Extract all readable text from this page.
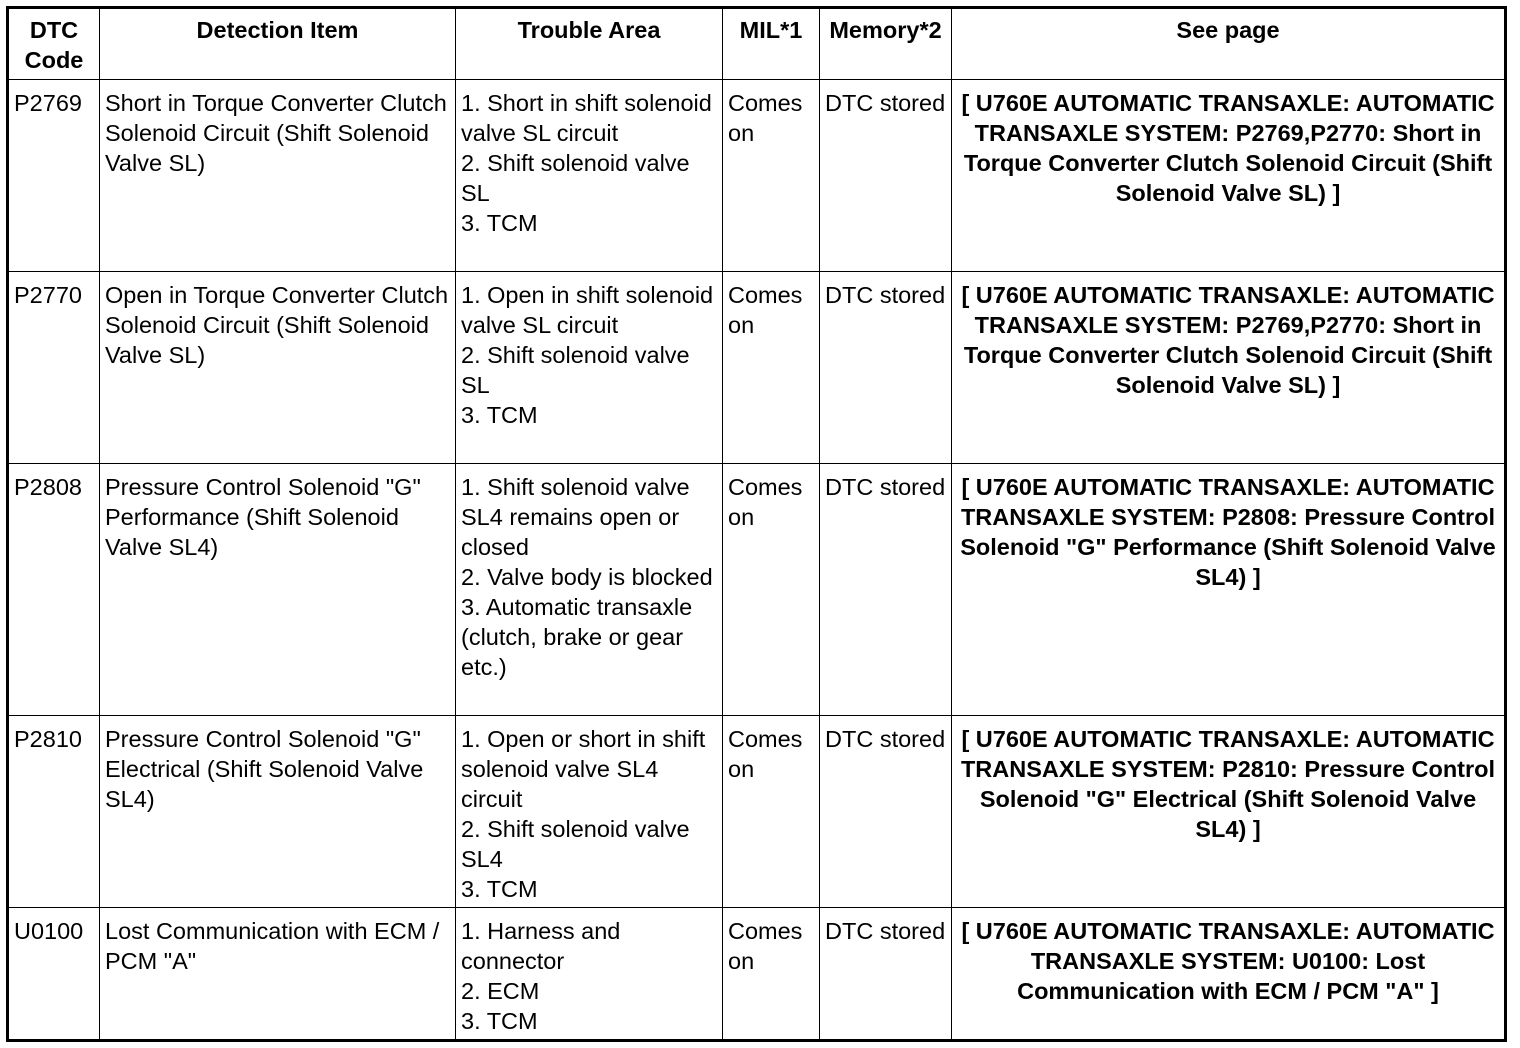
DTC Code	Detection Item	Trouble Area	MIL*1	Memory*2	See page
P2769	Short in Torque Converter Clutch Solenoid Circuit (Shift Solenoid Valve SL)	1. Short in shift solenoid valve SL circuit
2. Shift solenoid valve SL
3. TCM	Comes on	DTC stored	[ U760E AUTOMATIC TRANSAXLE: AUTOMATIC TRANSAXLE SYSTEM: P2769,P2770: Short in Torque Converter Clutch Solenoid Circuit (Shift Solenoid Valve SL) ]
P2770	Open in Torque Converter Clutch Solenoid Circuit (Shift Solenoid Valve SL)	1. Open in shift solenoid valve SL circuit
2. Shift solenoid valve SL
3. TCM	Comes on	DTC stored	[ U760E AUTOMATIC TRANSAXLE: AUTOMATIC TRANSAXLE SYSTEM: P2769,P2770: Short in Torque Converter Clutch Solenoid Circuit (Shift Solenoid Valve SL) ]
P2808	Pressure Control Solenoid "G" Performance (Shift Solenoid Valve SL4)	1. Shift solenoid valve SL4 remains open or closed
2. Valve body is blocked
3. Automatic transaxle (clutch, brake or gear etc.)	Comes on	DTC stored	[ U760E AUTOMATIC TRANSAXLE: AUTOMATIC TRANSAXLE SYSTEM: P2808: Pressure Control Solenoid "G" Performance (Shift Solenoid Valve SL4) ]
P2810	Pressure Control Solenoid "G" Electrical (Shift Solenoid Valve SL4)	1. Open or short in shift solenoid valve SL4 circuit
2. Shift solenoid valve SL4
3. TCM	Comes on	DTC stored	[ U760E AUTOMATIC TRANSAXLE: AUTOMATIC TRANSAXLE SYSTEM: P2810: Pressure Control Solenoid "G" Electrical (Shift Solenoid Valve SL4) ]
U0100	Lost Communication with ECM / PCM "A"	1. Harness and connector
2. ECM
3. TCM	Comes on	DTC stored	[ U760E AUTOMATIC TRANSAXLE: AUTOMATIC TRANSAXLE SYSTEM: U0100: Lost Communication with ECM / PCM "A" ]
